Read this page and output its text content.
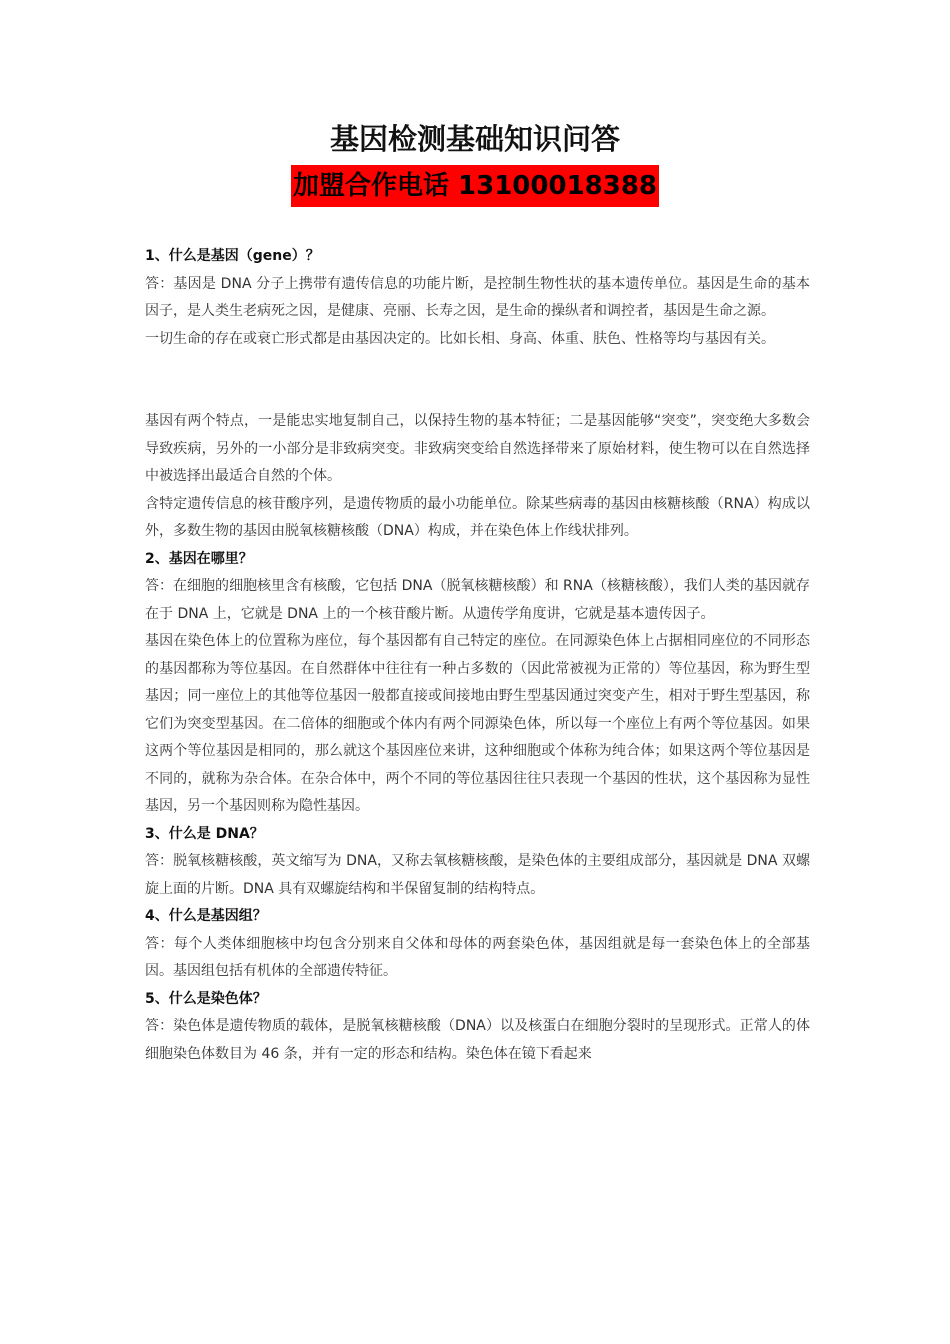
基因检测基础知识问答
加盟合作电话 13100018388

1、什么是基因（gene）？

答：基因是 DNA 分子上携带有遗传信息的功能片断，是控制生物性状的基本遗传单位。基因是生命的基本因子，是人类生老病死之因，是健康、亮丽、长寿之因，是生命的操纵者和调控者，基因是生命之源。

一切生命的存在或衰亡形式都是由基因决定的。比如长相、身高、体重、肤色、性格等均与基因有关。

基因有两个特点，一是能忠实地复制自己，以保持生物的基本特征；二是基因能够“突变”，突变绝大多数会导致疾病，另外的一小部分是非致病突变。非致病突变给自然选择带来了原始材料，使生物可以在自然选择中被选择出最适合自然的个体。

含特定遗传信息的核苷酸序列，是遗传物质的最小功能单位。除某些病毒的基因由核糖核酸（RNA）构成以外，多数生物的基因由脱氧核糖核酸（DNA）构成，并在染色体上作线状排列。

2、基因在哪里？

答：在细胞的细胞核里含有核酸，它包括 DNA（脱氧核糖核酸）和 RNA（核糖核酸），我们人类的基因就存在于 DNA 上，它就是 DNA 上的一个核苷酸片断。从遗传学角度讲，它就是基本遗传因子。

基因在染色体上的位置称为座位，每个基因都有自己特定的座位。在同源染色体上占据相同座位的不同形态的基因都称为等位基因。在自然群体中往往有一种占多数的（因此常被视为正常的）等位基因，称为野生型基因；同一座位上的其他等位基因一般都直接或间接地由野生型基因通过突变产生，相对于野生型基因，称它们为突变型基因。在二倍体的细胞或个体内有两个同源染色体，所以每一个座位上有两个等位基因。如果这两个等位基因是相同的，那么就这个基因座位来讲，这种细胞或个体称为纯合体；如果这两个等位基因是不同的，就称为杂合体。在杂合体中，两个不同的等位基因往往只表现一个基因的性状，这个基因称为显性基因，另一个基因则称为隐性基因。

3、什么是 DNA？

答：脱氧核糖核酸，英文缩写为 DNA，又称去氧核糖核酸，是染色体的主要组成部分，基因就是 DNA 双螺旋上面的片断。DNA 具有双螺旋结构和半保留复制的结构特点。

4、什么是基因组？

答：每个人类体细胞核中均包含分别来自父体和母体的两套染色体，基因组就是每一套染色体上的全部基因。基因组包括有机体的全部遗传特征。

5、什么是染色体？

答：染色体是遗传物质的载体，是脱氧核糖核酸（DNA）以及核蛋白在细胞分裂时的呈现形式。正常人的体细胞染色体数目为 46 条，并有一定的形态和结构。染色体在镜下看起来
